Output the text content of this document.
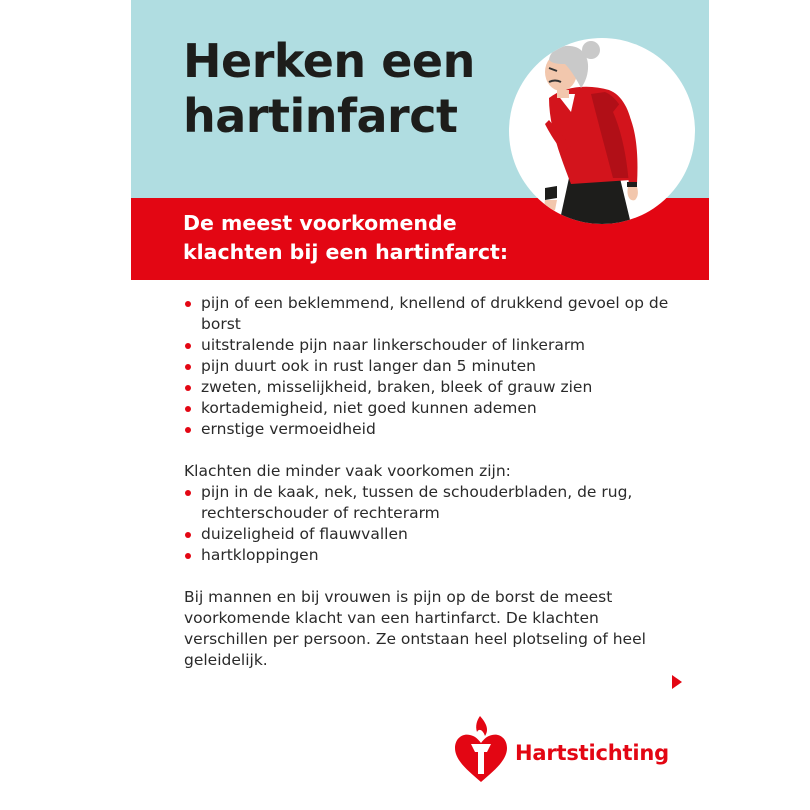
Herken een
hartinfarct
De meest voorkomende
klachten bij een hartinfarct:
pijn of een beklemmend, knellend of drukkend gevoel op de borst
uitstralende pijn naar linkerschouder of linkerarm
pijn duurt ook in rust langer dan 5 minuten
zweten, misselijkheid, braken, bleek of grauw zien
kortademigheid, niet goed kunnen ademen
ernstige vermoeidheid
Klachten die minder vaak voorkomen zijn:
pijn in de kaak, nek, tussen de schouderbladen, de rug, rechterschouder of rechterarm
duizeligheid of flauwvallen
hartkloppingen
Bij mannen en bij vrouwen is pijn op de borst de meest voorkomende klacht van een hartinfarct. De klachten verschillen per persoon. Ze ontstaan heel plotseling of heel geleidelijk.
Hartstichting
